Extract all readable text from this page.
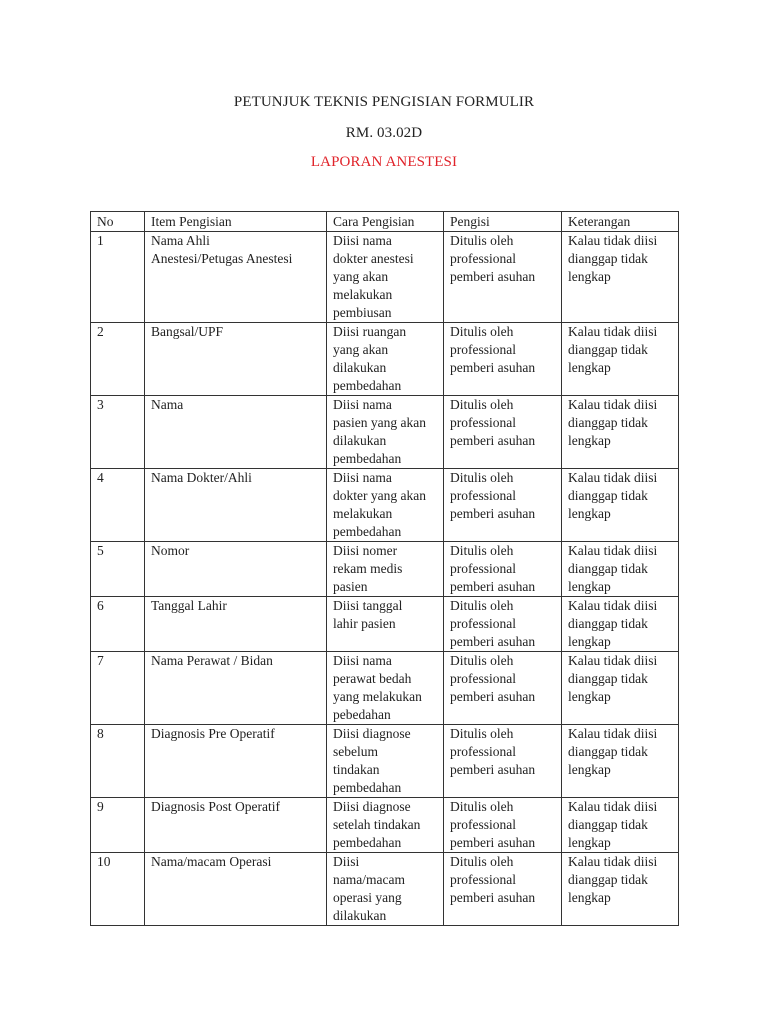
PETUNJUK TEKNIS PENGISIAN FORMULIR
RM. 03.02D
LAPORAN ANESTESI
No	Item Pengisian	Cara Pengisian	Pengisi	Keterangan

1	Nama Ahli
Anestesi/Petugas Anestesi	Diisi nama
dokter anestesi
yang akan
melakukan
pembiusan	Ditulis oleh
professional
pemberi asuhan	Kalau tidak diisi
dianggap tidak
lengkap

2	Bangsal/UPF	Diisi ruangan
yang akan
dilakukan
pembedahan	Ditulis oleh
professional
pemberi asuhan	Kalau tidak diisi
dianggap tidak
lengkap

3	Nama	Diisi nama
pasien yang akan
dilakukan
pembedahan	Ditulis oleh
professional
pemberi asuhan	Kalau tidak diisi
dianggap tidak
lengkap

4	Nama Dokter/Ahli	Diisi nama
dokter yang akan
melakukan
pembedahan	Ditulis oleh
professional
pemberi asuhan	Kalau tidak diisi
dianggap tidak
lengkap

5	Nomor	Diisi nomer
rekam medis
pasien	Ditulis oleh
professional
pemberi asuhan	Kalau tidak diisi
dianggap tidak
lengkap

6	Tanggal Lahir	Diisi tanggal
lahir pasien	Ditulis oleh
professional
pemberi asuhan	Kalau tidak diisi
dianggap tidak
lengkap

7	Nama Perawat / Bidan	Diisi nama
perawat bedah
yang melakukan
pebedahan	Ditulis oleh
professional
pemberi asuhan	Kalau tidak diisi
dianggap tidak
lengkap

8	Diagnosis Pre Operatif	Diisi diagnose
sebelum
tindakan
pembedahan	Ditulis oleh
professional
pemberi asuhan	Kalau tidak diisi
dianggap tidak
lengkap

9	Diagnosis Post Operatif	Diisi diagnose
setelah tindakan
pembedahan	Ditulis oleh
professional
pemberi asuhan	Kalau tidak diisi
dianggap tidak
lengkap

10	Nama/macam Operasi	Diisi
nama/macam
operasi yang
dilakukan	Ditulis oleh
professional
pemberi asuhan	Kalau tidak diisi
dianggap tidak
lengkap
